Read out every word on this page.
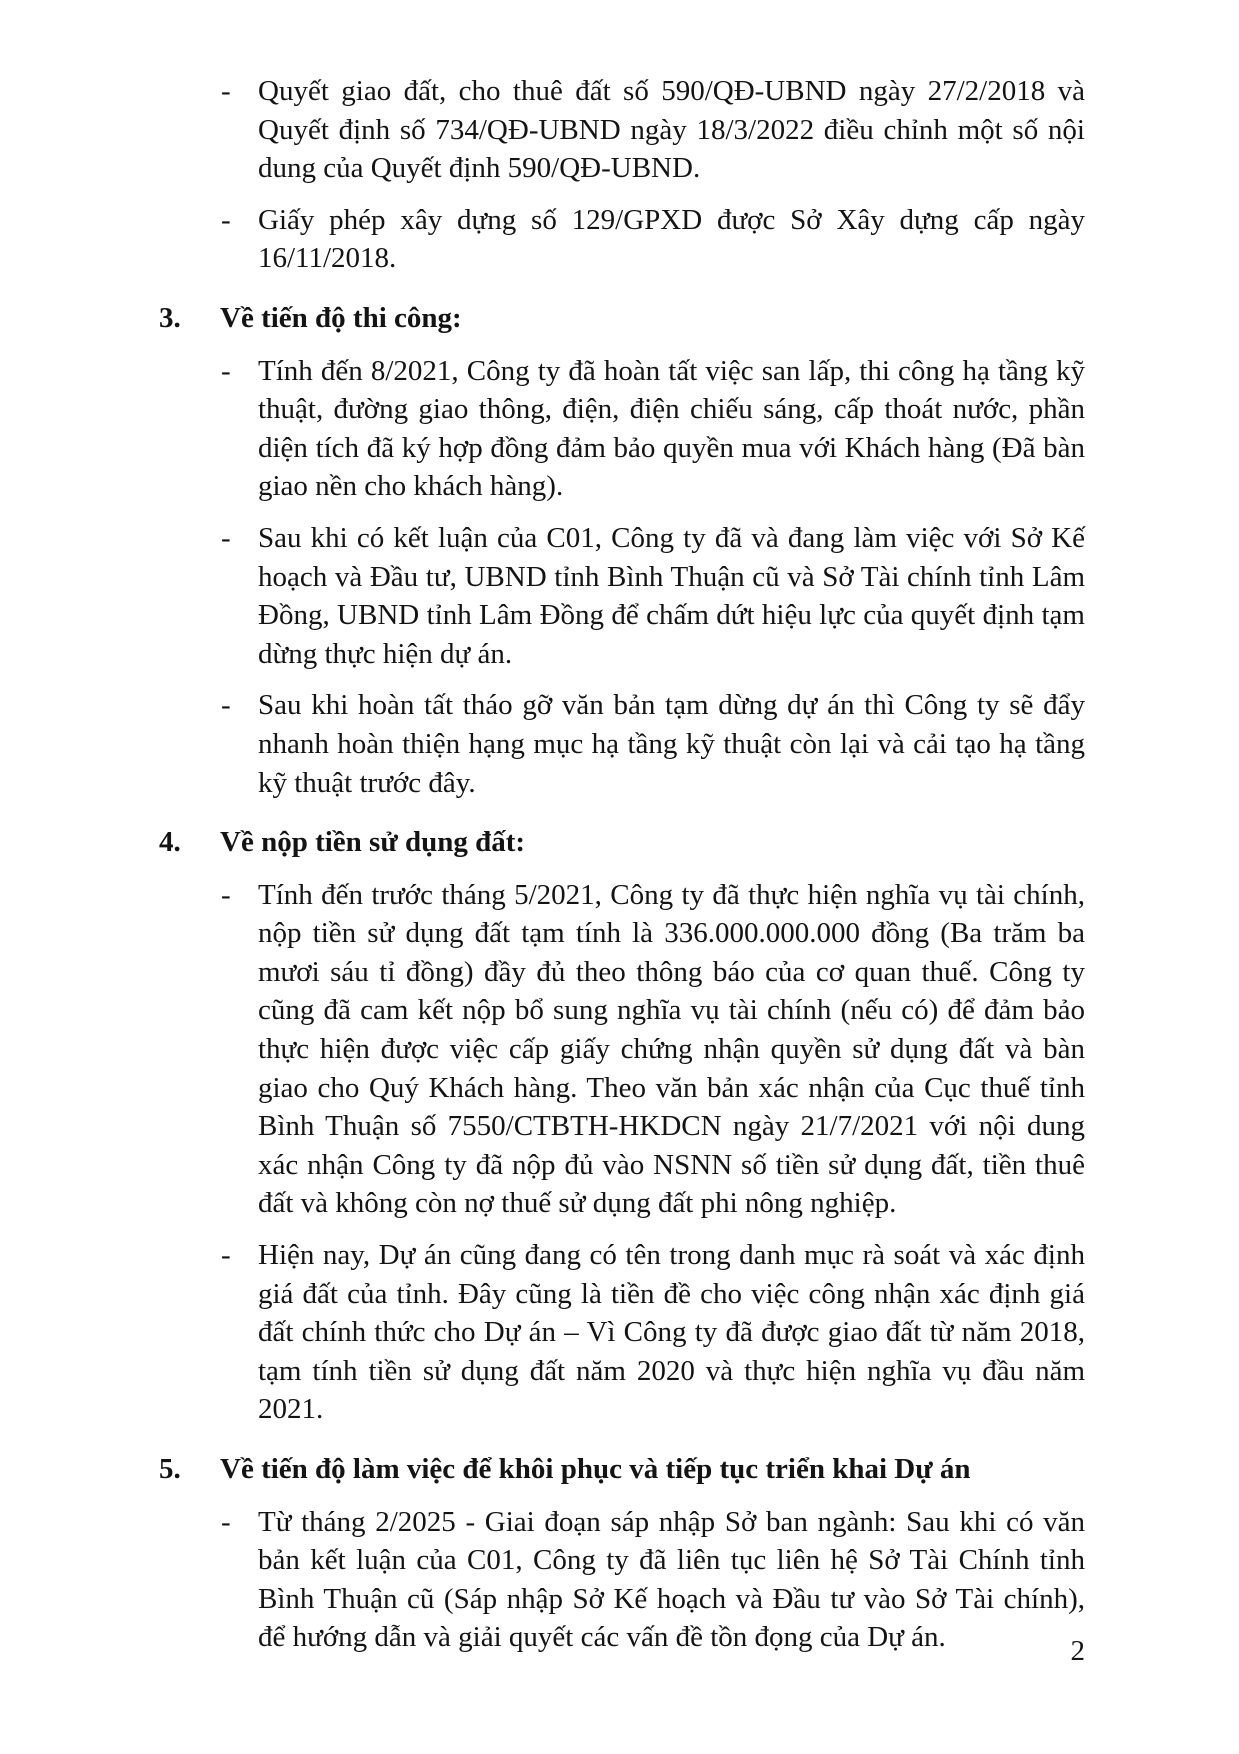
- Quyết giao đất, cho thuê đất số 590/QĐ-UBND ngày 27/2/2018 và Quyết định số 734/QĐ-UBND ngày 18/3/2022 điều chỉnh một số nội dung của Quyết định 590/QĐ-UBND.
- Giấy phép xây dựng số 129/GPXD được Sở Xây dựng cấp ngày 16/11/2018.
3.	Về tiến độ thi công:
- Tính đến 8/2021, Công ty đã hoàn tất việc san lấp, thi công hạ tầng kỹ thuật, đường giao thông, điện, điện chiếu sáng, cấp thoát nước, phần diện tích đã ký hợp đồng đảm bảo quyền mua với Khách hàng (Đã bàn giao nền cho khách hàng).
- Sau khi có kết luận của C01, Công ty đã và đang làm việc với Sở Kế hoạch và Đầu tư, UBND tỉnh Bình Thuận cũ và Sở Tài chính tỉnh Lâm Đồng, UBND tỉnh Lâm Đồng để chấm dứt hiệu lực của quyết định tạm dừng thực hiện dự án.
- Sau khi hoàn tất tháo gỡ văn bản tạm dừng dự án thì Công ty sẽ đẩy nhanh hoàn thiện hạng mục hạ tầng kỹ thuật còn lại và cải tạo hạ tầng kỹ thuật trước đây.
4.	Về nộp tiền sử dụng đất:
- Tính đến trước tháng 5/2021, Công ty đã thực hiện nghĩa vụ tài chính, nộp tiền sử dụng đất tạm tính là 336.000.000.000 đồng (Ba trăm ba mươi sáu tỉ đồng) đầy đủ theo thông báo của cơ quan thuế. Công ty cũng đã cam kết nộp bổ sung nghĩa vụ tài chính (nếu có) để đảm bảo thực hiện được việc cấp giấy chứng nhận quyền sử dụng đất và bàn giao cho Quý Khách hàng. Theo văn bản xác nhận của Cục thuế tỉnh Bình Thuận số 7550/CTBTH-HKDCN ngày 21/7/2021 với nội dung xác nhận Công ty đã nộp đủ vào NSNN số tiền sử dụng đất, tiền thuê đất và không còn nợ thuế sử dụng đất phi nông nghiệp.
- Hiện nay, Dự án cũng đang có tên trong danh mục rà soát và xác định giá đất của tỉnh. Đây cũng là tiền đề cho việc công nhận xác định giá đất chính thức cho Dự án – Vì Công ty đã được giao đất từ năm 2018, tạm tính tiền sử dụng đất năm 2020 và thực hiện nghĩa vụ đầu năm 2021.
5.	Về tiến độ làm việc để khôi phục và tiếp tục triển khai Dự án
- Từ tháng 2/2025 - Giai đoạn sáp nhập Sở ban ngành: Sau khi có văn bản kết luận của C01, Công ty đã liên tục liên hệ Sở Tài Chính tỉnh Bình Thuận cũ (Sáp nhập Sở Kế hoạch và Đầu tư vào Sở Tài chính), để hướng dẫn và giải quyết các vấn đề tồn đọng của Dự án.	2
